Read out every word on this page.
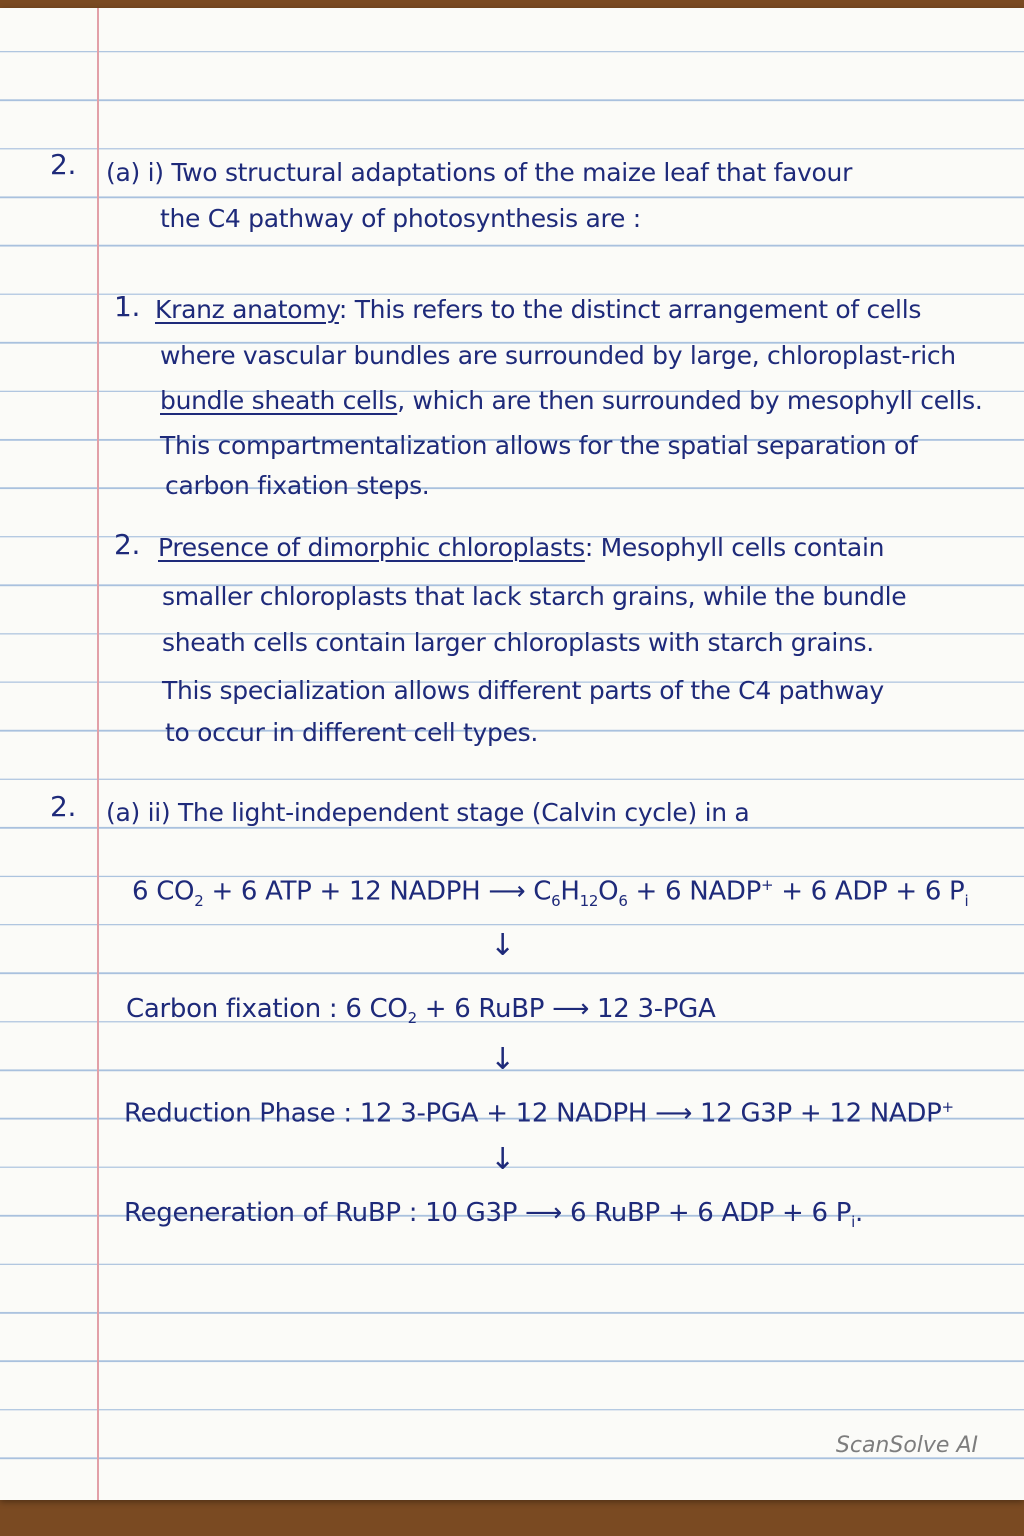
2. (a) i) Two structural adaptations of the maize leaf that favour
the C4 pathway of photosynthesis are :
1. Kranz anatomy: This refers to the distinct arrangement of cells
where vascular bundles are surrounded by large, chloroplast-rich
bundle sheath cells, which are then surrounded by mesophyll cells.
This compartmentalization allows for the spatial separation of
carbon fixation steps.
2. Presence of dimorphic chloroplasts: Mesophyll cells contain
smaller chloroplasts that lack starch grains, while the bundle
sheath cells contain larger chloroplasts with starch grains.
This specialization allows different parts of the C4 pathway
to occur in different cell types.
2. (a) ii) The light-independent stage (Calvin cycle) in a
6 $CO_2 + 6$ ATP + 12 NADPH ⟶ $C_6H_{12}O_6 + 6$ NADP+ + 6 ADP + 6 $P_i$
↓
Carbon fixation : 6 $CO_2 + 6$ RuBP ⟶ 12 3-PGA
↓
Reduction Phase : 12 3-PGA + 12 NADPH ⟶ 12 G3P + 12 NADP+
↓
Regeneration of RuBP : 10 G3P ⟶ 6 RuBP + 6 ADP + 6 $P_i$.
ScanSolve AI
